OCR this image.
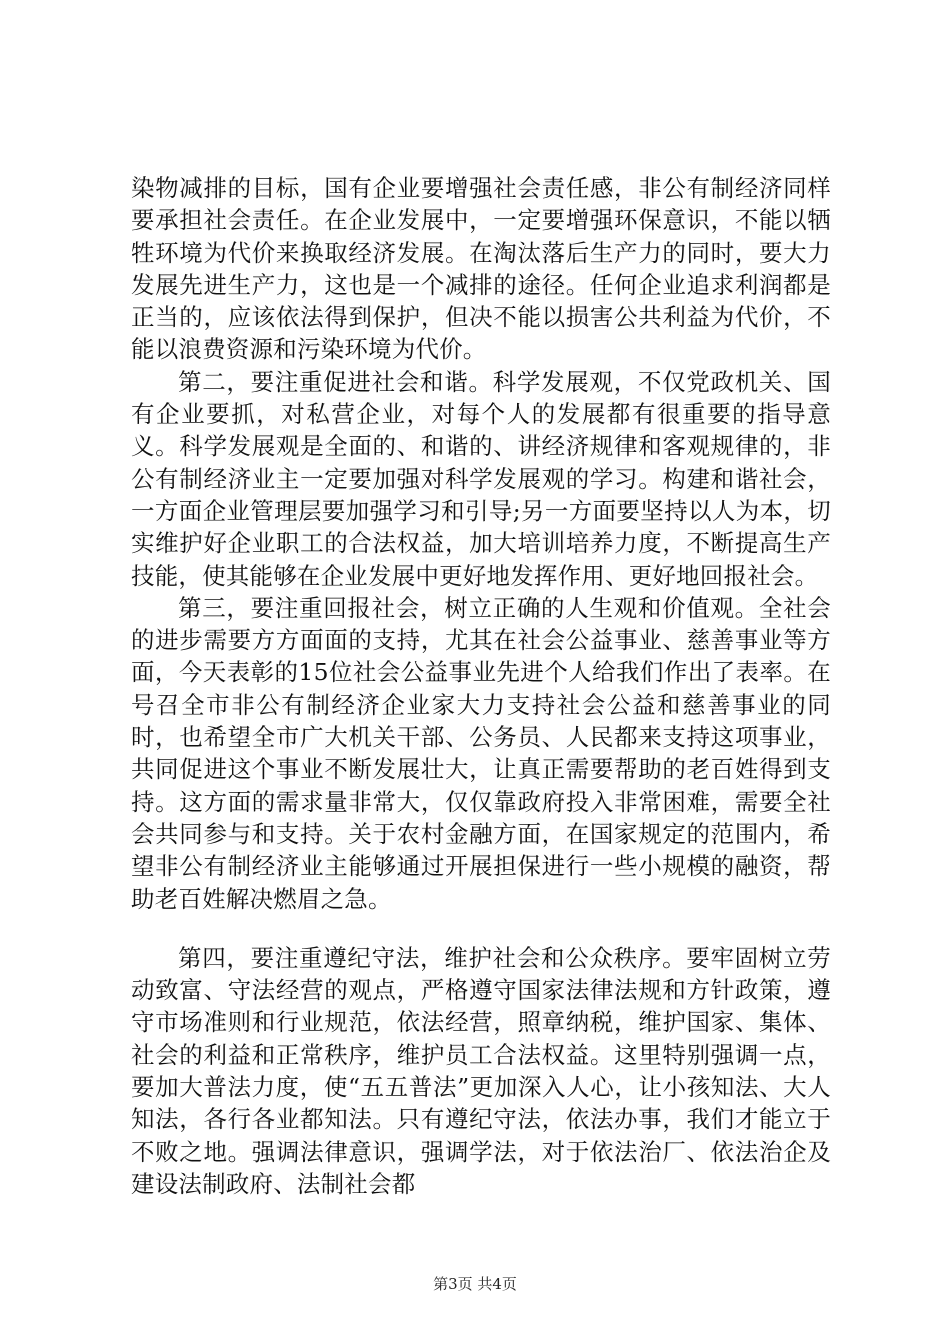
染物减排的目标，国有企业要增强社会责任感，非公有制经济同样要承担社会责任。在企业发展中，一定要增强环保意识，不能以牺牲环境为代价来换取经济发展。在淘汰落后生产力的同时，要大力发展先进生产力，这也是一个减排的途径。任何企业追求利润都是正当的，应该依法得到保护，但决不能以损害公共利益为代价，不能以浪费资源和污染环境为代价。

第二，要注重促进社会和谐。科学发展观，不仅党政机关、国有企业要抓，对私营企业，对每个人的发展都有很重要的指导意义。科学发展观是全面的、和谐的、讲经济规律和客观规律的，非公有制经济业主一定要加强对科学发展观的学习。构建和谐社会，一方面企业管理层要加强学习和引导;另一方面要坚持以人为本，切实维护好企业职工的合法权益，加大培训培养力度，不断提高生产技能，使其能够在企业发展中更好地发挥作用、更好地回报社会。

第三，要注重回报社会，树立正确的人生观和价值观。全社会的进步需要方方面面的支持，尤其在社会公益事业、慈善事业等方面，今天表彰的15位社会公益事业先进个人给我们作出了表率。在号召全市非公有制经济企业家大力支持社会公益和慈善事业的同时，也希望全市广大机关干部、公务员、人民都来支持这项事业，共同促进这个事业不断发展壮大，让真正需要帮助的老百姓得到支持。这方面的需求量非常大，仅仅靠政府投入非常困难，需要全社会共同参与和支持。关于农村金融方面，在国家规定的范围内，希望非公有制经济业主能够通过开展担保进行一些小规模的融资，帮助老百姓解决燃眉之急。

第四，要注重遵纪守法，维护社会和公众秩序。要牢固树立劳动致富、守法经营的观点，严格遵守国家法律法规和方针政策，遵守市场准则和行业规范，依法经营，照章纳税，维护国家、集体、社会的利益和正常秩序，维护员工合法权益。这里特别强调一点，要加大普法力度，使“五五普法”更加深入人心，让小孩知法、大人知法，各行各业都知法。只有遵纪守法，依法办事，我们才能立于不败之地。强调法律意识，强调学法，对于依法治厂、依法治企及建设法制政府、法制社会都

第3页 共4页
